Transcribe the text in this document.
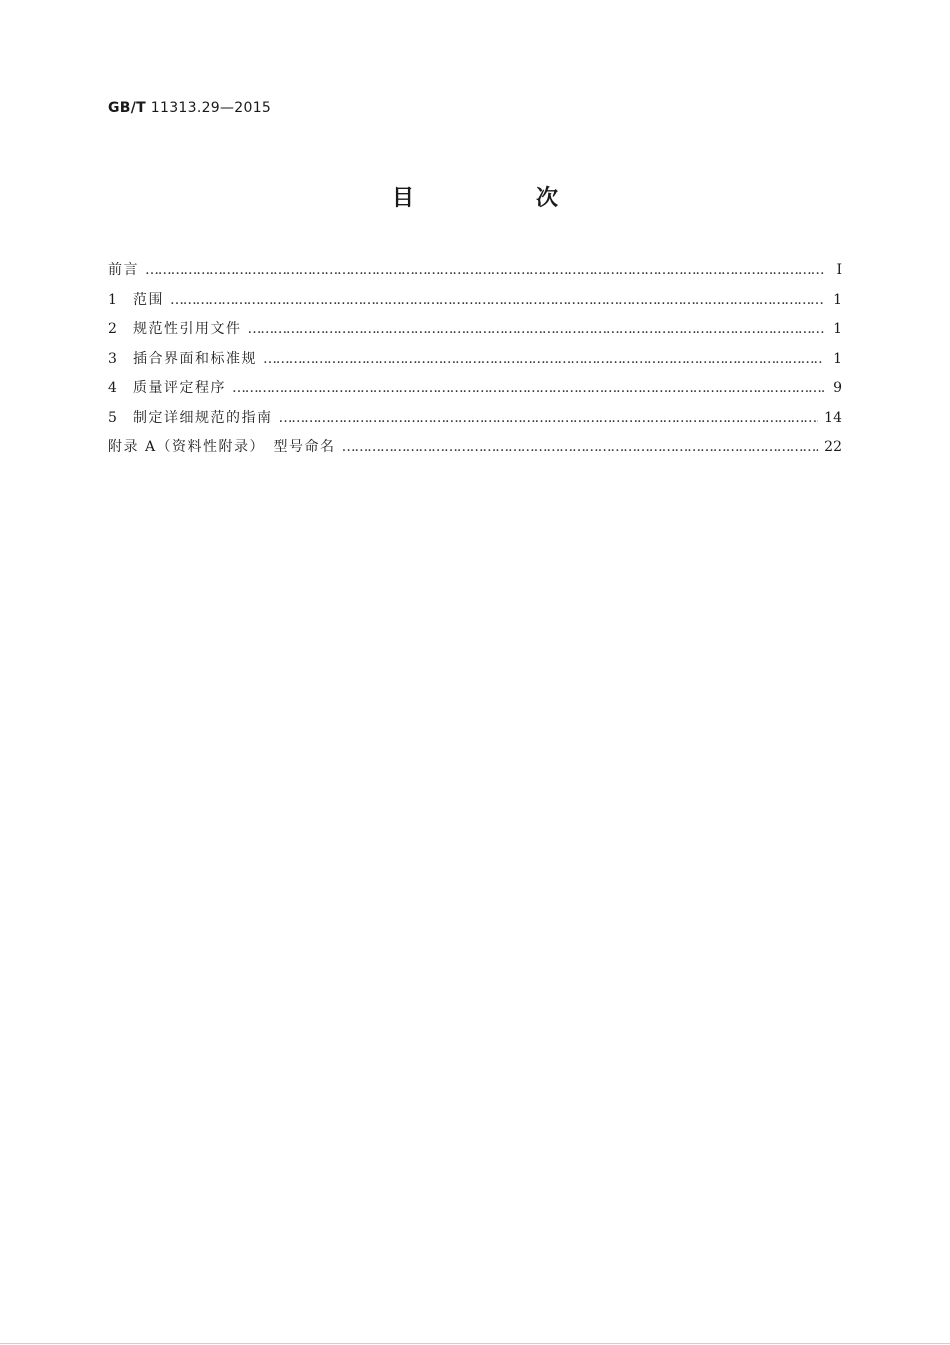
GB/T 11313.29—2015
目　次
前言 ……………………………………………………………………………………………………………………………………………………………………………	Ⅰ
1	范围 ……………………………………………………………………………………………………………………………………………………………………………	1
2	规范性引用文件 ……………………………………………………………………………………………………………………………………………………………………………	1
3	插合界面和标准规 ……………………………………………………………………………………………………………………………………………………………………………	1
4	质量评定程序 ……………………………………………………………………………………………………………………………………………………………………………	9
5	制定详细规范的指南 ……………………………………………………………………………………………………………………………………………………………………………	14
附录 A（资料性附录）　型号命名 ……………………………………………………………………………………………………………………………………………………………………………	22
